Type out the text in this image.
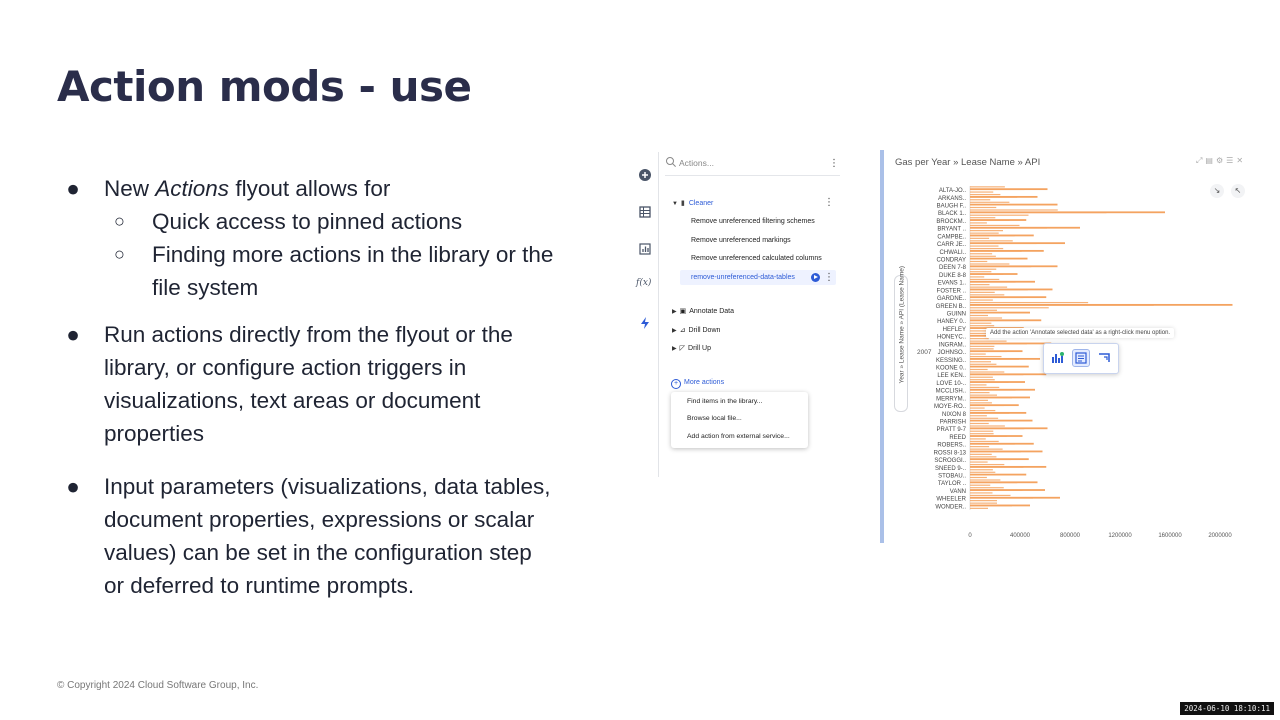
Action mods - use
● New Actions flyout allows for
○ Quick access to pinned actions
○ Finding more actions in the library or the
file system
● Run actions directly from the flyout or the
library, or configure action triggers in
visualizations, text areas or document
properties
● Input parameters (visualizations, data tables,
document properties, expressions or scalar
values) can be set in the configuration step
or deferred to runtime prompts.
© Copyright 2024 Cloud Software Group, Inc.
2024-06-10 18:10:11
f(x)
Actions...	⋮
▼ ▮ Cleaner	⋮
Remove unreferenced filtering schemes
Remove unreferenced markings
Remove unreferenced calculated columns
remove-unreferenced-data-tables	⋮
▶ ▣ Annotate Data
▶ ⊿ Drill Down
▶ ◸ Drill Up
+ More actions
Find items in the library...
Browse local file...
Add action from external service...
Gas per Year » Lease Name » API	⤢▤⚙☰✕
↘	↖
Year » Lease Name » API (Lease Name) 2007
ALTA-JO..
ARKANS..
BAUGH F..
BLACK 1..
BROCKM..
BRYANT ..
CAMPBE..
CARR JE..
CHWALI..
CONDRAY
DEEN 7-8
DUKE 8-8
EVANS 1..
FOSTER ..
GARDNE..
GREEN B..
GUINN
HANEY 0..
HEFLEY
HONEYC..
INGRAM..
JOHNSO..
KESSING..
KOONE 0..
LEE KEN..
LOVE 10-..
MCCLISH..
MERRYM..
MOYE-RO..
NIXON 8
PARRISH
PRATT 9-7
REED
ROBERS..
ROSSI 8-13
SCROGGI..
SNEED 9-..
STOBAU..
TAYLOR ..
VANN
WHEELER
WONDER..
0	400000	800000	1200000	1600000	2000000
Add the action 'Annotate selected data' as a right-click menu option.
